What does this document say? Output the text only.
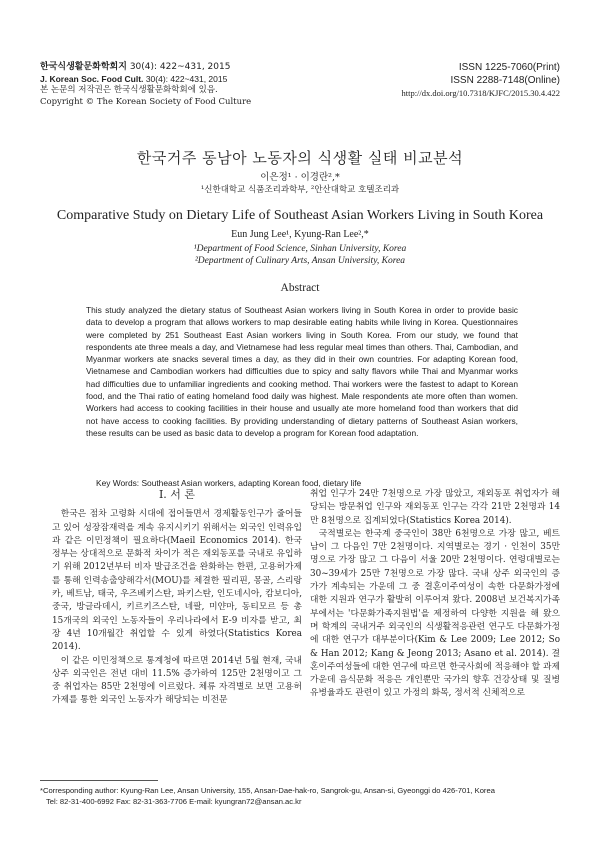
한국식생활문화학회지 30(4): 422~431, 2015
J. Korean Soc. Food Cult. 30(4): 422~431, 2015
본 논문의 저작권은 한국식생활문화학회에 있음.
Copyright © The Korean Society of Food Culture
ISSN 1225-7060(Print)
ISSN 2288-7148(Online)
http://dx.doi.org/10.7318/KJFC/2015.30.4.422
한국거주 동남아 노동자의 식생활 실태 비교분석
이은정¹ · 이경란²,*
¹신한대학교 식품조리과학부, ²안산대학교 호텔조리과
Comparative Study on Dietary Life of Southeast Asian Workers Living in South Korea
Eun Jung Lee¹, Kyung-Ran Lee²,*
¹Department of Food Science, Sinhan University, Korea
²Department of Culinary Arts, Ansan University, Korea
Abstract
This study analyzed the dietary status of Southeast Asian workers living in South Korea in order to provide basic data to develop a program that allows workers to map desirable eating habits while living in Korea. Questionnaires were completed by 251 Southeast East Asian workers living in South Korea. From our study, we found that respondents ate three meals a day, and Vietnamese had less regular meal times than others. Thai, Cambodian, and Myanmar workers ate snacks several times a day, as they did in their own countries. For adapting Korean food, Vietnamese and Cambodian workers had difficulties due to spicy and salty flavors while Thai and Myanmar works had difficulties due to unfamiliar ingredients and cooking method. Thai workers were the fastest to adapt to Korean food, and the Thai ratio of eating homeland food daily was highest. Male respondents ate more often than women. Workers had access to cooking facilities in their house and usually ate more homeland food than workers that did not have access to cooking facilities. By providing understanding of dietary patterns of Southeast Asian workers, these results can be used as basic data to develop a program for Korean food adaptation.
Key Words: Southeast Asian workers, adapting Korean food, dietary life
I. 서 론

한국은 점차 고령화 시대에 접어들면서 경제활동인구가 줄어들고 있어 성장잠재력을 계속 유지시키기 위해서는 외국인 인력유입과 같은 이민정책이 필요하다(Maeil Economics 2014). 한국 정부는 상대적으로 문화적 차이가 적은 재외동포를 국내로 유입하기 위해 2012년부터 비자 발급조건을 완화하는 한편, 고용허가제를 통해 인력송출양해각서(MOU)를 체결한 필리핀, 몽골, 스리랑카, 베트남, 태국, 우즈베키스탄, 파키스탄, 인도네시아, 캄보디아, 중국, 방글라데시, 키르키즈스탄, 네팔, 미얀마, 동티모르 등 총 15개국의 외국인 노동자들이 우리나라에서 E-9 비자를 받고, 최장 4년 10개월간 취업할 수 있게 하였다(Statistics Korea 2014).

이 같은 이민정책으로 통계청에 따르면 2014년 5월 현재, 국내 상주 외국인은 전년 대비 11.5% 증가하여 125만 2천명이고 그 중 취업자는 85만 2천명에 이르렀다. 체류 자격별로 보면 고용허가제를 통한 외국인 노동자가 해당되는 비전문

취업 인구가 24만 7천명으로 가장 많았고, 재외동포 취업자가 해당되는 방문취업 인구와 재외동포 인구는 각각 21만 2천명과 14만 8천명으로 집계되었다(Statistics Korea 2014).

국적별로는 한국계 중국인이 38만 6천명으로 가장 많고, 베트남이 그 다음인 7만 2천명이다. 지역별로는 경기 · 인천이 35만 명으로 가장 많고 그 다음이 서울 20만 2천명이다. 연령대별로는 30~39세가 25만 7천명으로 가장 많다. 국내 상주 외국인의 증가가 계속되는 가운데 그 중 결혼이주여성이 속한 다문화가정에 대한 지원과 연구가 활발히 이루어져 왔다. 2008년 보건복지가족부에서는 '다문화가족지원법'을 제정하여 다양한 지원을 해 왔으며 학계의 국내거주 외국인의 식생활적응관련 연구도 다문화가정에 대한 연구가 대부분이다(Kim & Lee 2009; Lee 2012; So & Han 2012; Kang & Jeong 2013; Asano et al. 2014). 결혼이주여성들에 대한 연구에 따르면 한국사회에 적응해야 할 과제 가운데 음식문화 적응은 개인뿐만 국가의 향후 건강상태 및 질병유병율과도 관련이 있고 가정의 화목, 정서적 신체적으로

*Corresponding author: Kyung-Ran Lee, Ansan University, 155, Ansan-Dae-hak-ro, Sangrok-gu, Ansan-si, Gyeonggi do 426-701, Korea
Tel: 82-31-400-6992 Fax: 82-31-363-7706 E-mail: kyungran72@ansan.ac.kr
